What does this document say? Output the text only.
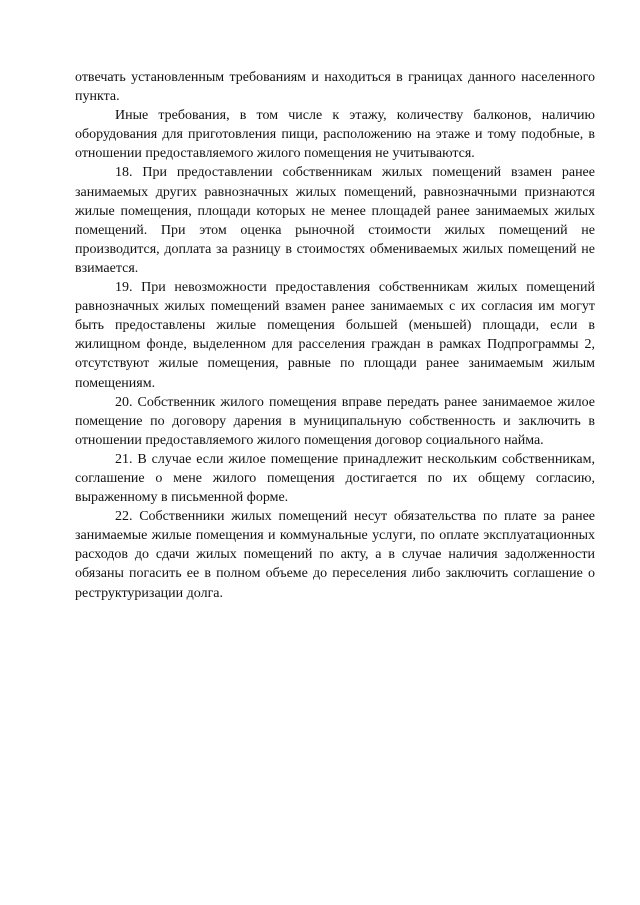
отвечать установленным требованиям и находиться в границах данного населенного пункта.

Иные требования, в том числе к этажу, количеству балконов, наличию оборудования для приготовления пищи, расположению на этаже и тому подобные, в отношении предоставляемого жилого помещения не учитываются.

18. При предоставлении собственникам жилых помещений взамен ранее занимаемых других равнозначных жилых помещений, равнозначными признаются жилые помещения, площади которых не менее площадей ранее занимаемых жилых помещений. При этом оценка рыночной стоимости жилых помещений не производится, доплата за разницу в стоимостях обмениваемых жилых помещений не взимается.

19. При невозможности предоставления собственникам жилых помещений равнозначных жилых помещений взамен ранее занимаемых с их согласия им могут быть предоставлены жилые помещения большей (меньшей) площади, если в жилищном фонде, выделенном для расселения граждан в рамках Подпрограммы 2, отсутствуют жилые помещения, равные по площади ранее занимаемым жилым помещениям.

20. Собственник жилого помещения вправе передать ранее занимаемое жилое помещение по договору дарения в муниципальную собственность и заключить в отношении предоставляемого жилого помещения договор социального найма.

21. В случае если жилое помещение принадлежит нескольким собственникам, соглашение о мене жилого помещения достигается по их общему согласию, выраженному в письменной форме.

22. Собственники жилых помещений несут обязательства по плате за ранее занимаемые жилые помещения и коммунальные услуги, по оплате эксплуатационных расходов до сдачи жилых помещений по акту, а в случае наличия задолженности обязаны погасить ее в полном объеме до переселения либо заключить соглашение о реструктуризации долга.
